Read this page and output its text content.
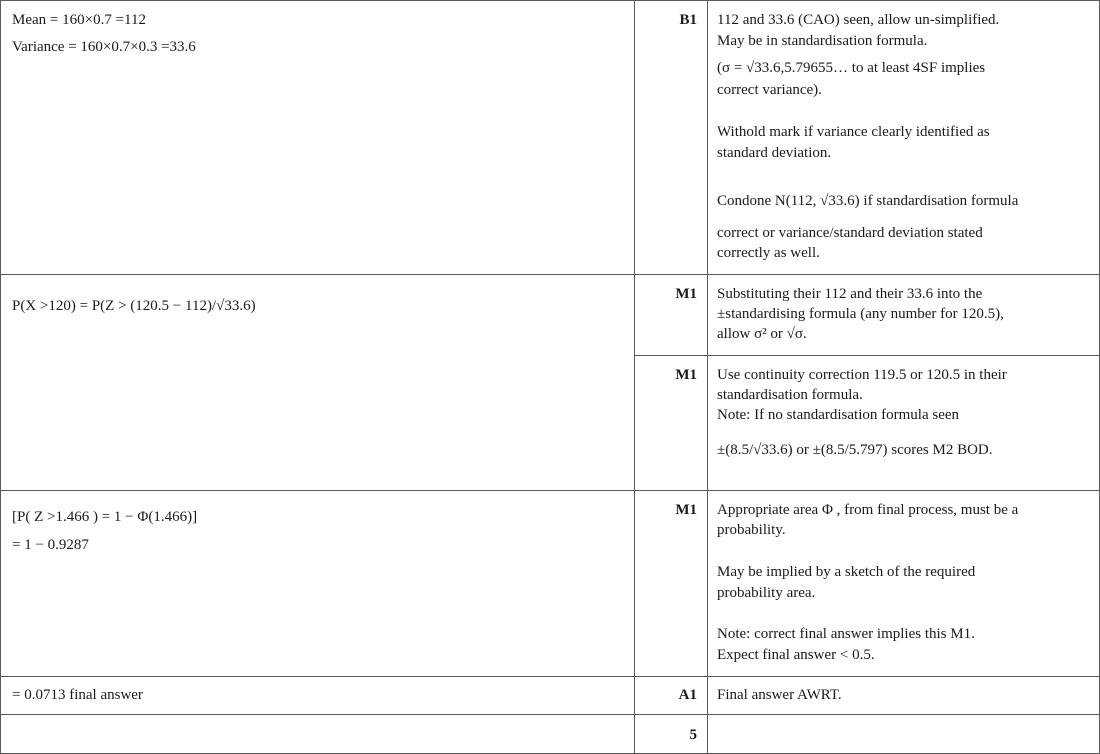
Mean = 160×0.7 =112
Variance = 160×0.7×0.3 =33.6
B1 112 and 33.6 (CAO) seen, allow un-simplified.
May be in standardisation formula.
(σ = √33.6,5.79655… to at least 4SF implies
correct variance).
Withold mark if variance clearly identified as
standard deviation.
Condone N(112, √33.6) if standardisation formula
correct or variance/standard deviation stated
correctly as well.
P(X >120) = P(Z > (120.5 − 112)/√33.6)
M1 Substituting their 112 and their 33.6 into the
±standardising formula (any number for 120.5),
allow σ² or √σ.
M1 Use continuity correction 119.5 or 120.5 in their
standardisation formula.
Note: If no standardisation formula seen
±(8.5/√33.6) or ±(8.5/5.797) scores M2 BOD.
[P( Z >1.466 ) = 1 − Φ(1.466)]
= 1 − 0.9287
M1 Appropriate area Φ , from final process, must be a
probability.
May be implied by a sketch of the required
probability area.
Note: correct final answer implies this M1.
Expect final answer < 0.5.
= 0.0713 final answer	A1 Final answer AWRT.
5
